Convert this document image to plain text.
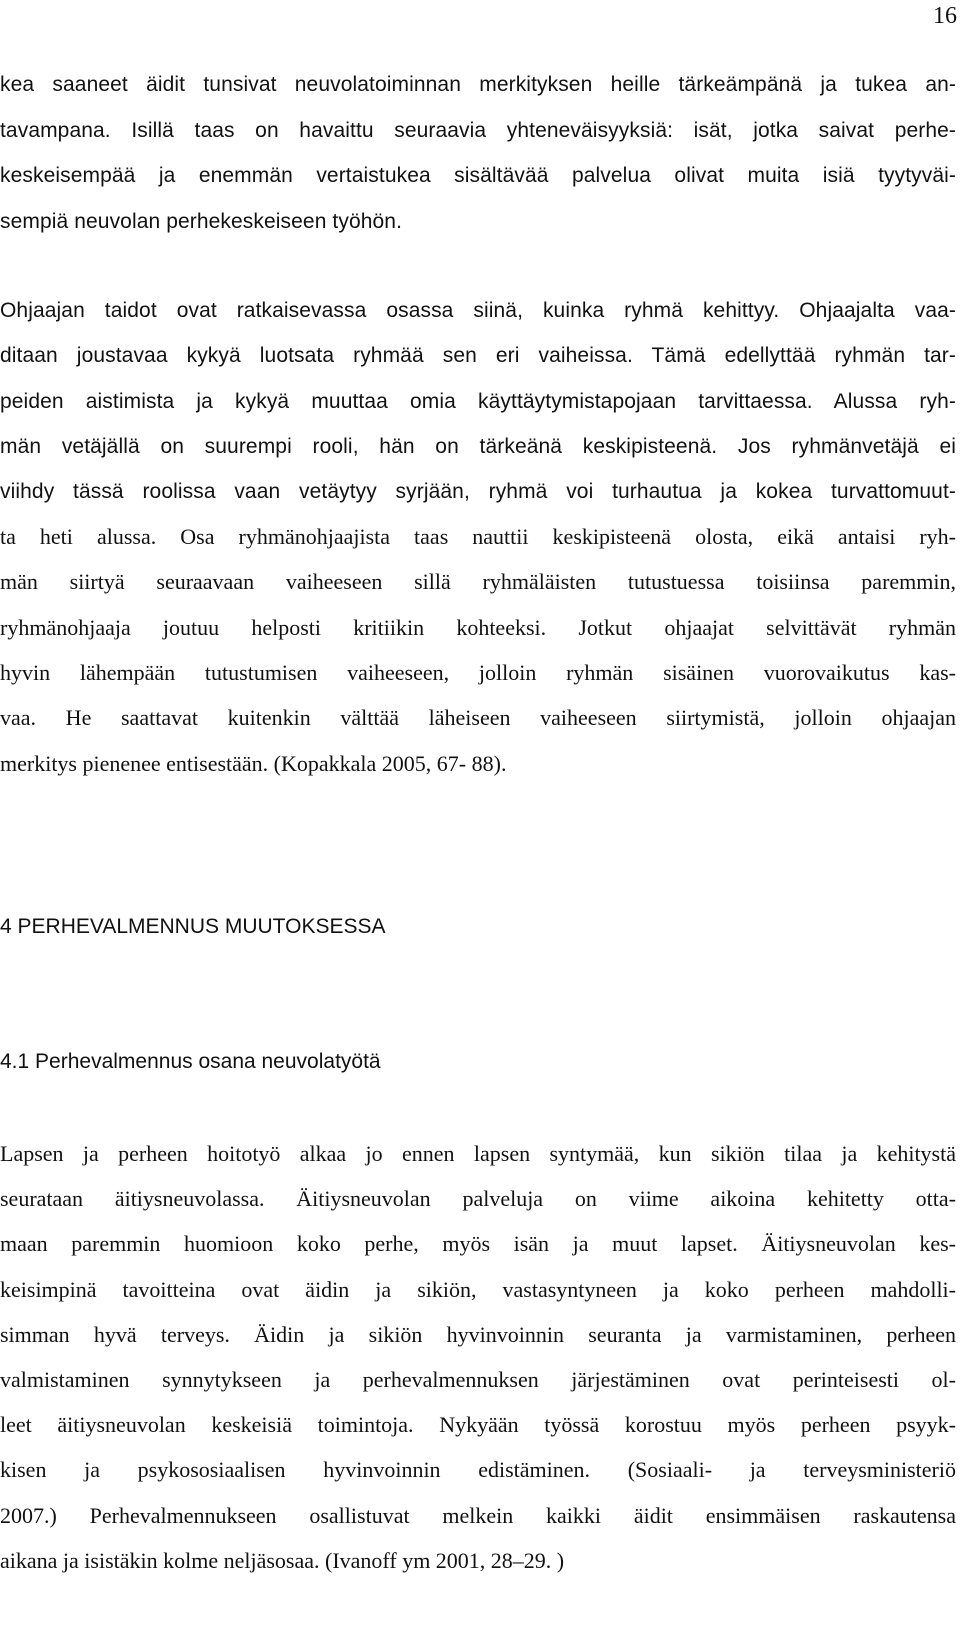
16
kea saaneet äidit tunsivat neuvolatoiminnan merkityksen heille tärkeämpänä ja tukea an-
tavampana. Isillä taas on havaittu seuraavia yhteneväisyyksiä: isät, jotka saivat perhe-
keskeisempää ja enemmän vertaistukea sisältävää palvelua olivat muita isiä tyytyväi-
sempiä neuvolan perhekeskeiseen työhön.
Ohjaajan taidot ovat ratkaisevassa osassa siinä, kuinka ryhmä kehittyy. Ohjaajalta vaa-
ditaan joustavaa kykyä luotsata ryhmää sen eri vaiheissa. Tämä edellyttää ryhmän tar-
peiden aistimista ja kykyä muuttaa omia käyttäytymistapojaan tarvittaessa. Alussa ryh-
män vetäjällä on suurempi rooli, hän on tärkeänä keskipisteenä. Jos ryhmänvetäjä ei
viihdy tässä roolissa vaan vetäytyy syrjään, ryhmä voi turhautua ja kokea turvattomuut-
ta heti alussa. Osa ryhmänohjaajista taas nauttii keskipisteenä olosta, eikä antaisi ryh-
män siirtyä seuraavaan vaiheeseen sillä ryhmäläisten tutustuessa toisiinsa paremmin,
ryhmänohjaaja joutuu helposti kritiikin kohteeksi. Jotkut ohjaajat selvittävät ryhmän
hyvin lähempään tutustumisen vaiheeseen, jolloin ryhmän sisäinen vuorovaikutus kas-
vaa. He saattavat kuitenkin välttää läheiseen vaiheeseen siirtymistä, jolloin ohjaajan
merkitys pienenee entisestään. (Kopakkala 2005, 67- 88).
Lapsen ja perheen hoitotyö alkaa jo ennen lapsen syntymää, kun sikiön tilaa ja kehitystä
seurataan äitiysneuvolassa. Äitiysneuvolan palveluja on viime aikoina kehitetty otta-
maan paremmin huomioon koko perhe, myös isän ja muut lapset. Äitiysneuvolan kes-
keisimpinä tavoitteina ovat äidin ja sikiön, vastasyntyneen ja koko perheen mahdolli-
simman hyvä terveys. Äidin ja sikiön hyvinvoinnin seuranta ja varmistaminen, perheen
valmistaminen synnytykseen ja perhevalmennuksen järjestäminen ovat perinteisesti ol-
leet äitiysneuvolan keskeisiä toimintoja. Nykyään työssä korostuu myös perheen psyyk-
kisen ja psykososiaalisen hyvinvoinnin edistäminen. (Sosiaali- ja terveysministeriö
2007.) Perhevalmennukseen osallistuvat melkein kaikki äidit ensimmäisen raskautensa
aikana ja isistäkin kolme neljäsosaa. (Ivanoff ym 2001, 28–29. )
4 PERHEVALMENNUS MUUTOKSESSA
4.1 Perhevalmennus osana neuvolatyötä
